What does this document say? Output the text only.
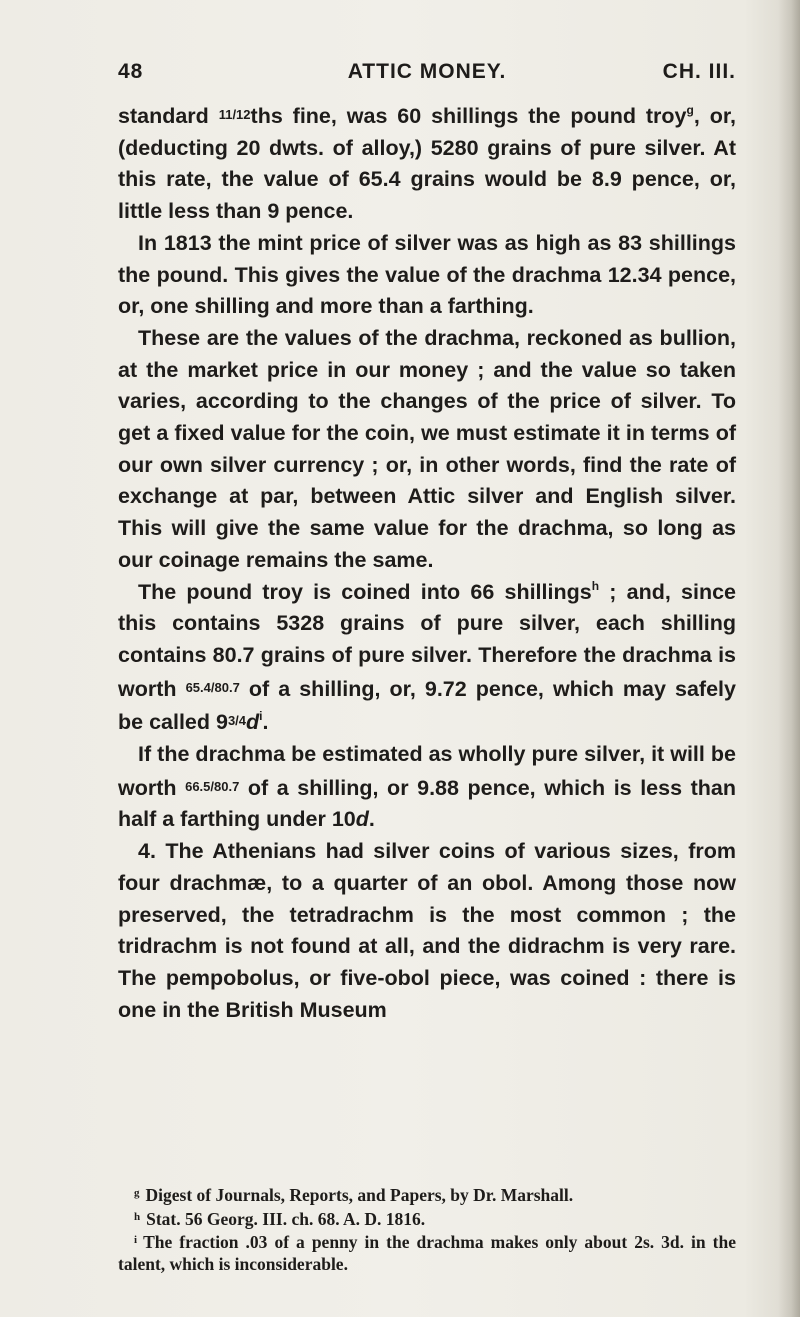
48	ATTIC MONEY.	CH. III.

standard 11/12ths fine, was 60 shillings the pound troy$^g$, or, (deducting 20 dwts. of alloy,) 5280 grains of pure silver. At this rate, the value of 65.4 grains would be 8.9 pence, or, little less than 9 pence.

In 1813 the mint price of silver was as high as 83 shillings the pound. This gives the value of the drachma 12.34 pence, or, one shilling and more than a farthing.

These are the values of the drachma, reckoned as bullion, at the market price in our money ; and the value so taken varies, according to the changes of the price of silver. To get a fixed value for the coin, we must estimate it in terms of our own silver currency ; or, in other words, find the rate of exchange at par, between Attic silver and English silver. This will give the same value for the drachma, so long as our coinage remains the same.

The pound troy is coined into 66 shillings$^h$ ; and, since this contains 5328 grains of pure silver, each shilling contains 80.7 grains of pure silver. Therefore the drachma is worth 65.4/80.7 of a shilling, or, 9.72 pence, which may safely be called $93/4d^i$.

If the drachma be estimated as wholly pure silver, it will be worth 66.5/80.7 of a shilling, or 9.88 pence, which is less than half a farthing under 10d.

4. The Athenians had silver coins of various sizes, from four drachmæ, to a quarter of an obol. Among those now preserved, the tetradrachm is the most common ; the tridrachm is not found at all, and the didrachm is very rare. The pempobolus, or five-obol piece, was coined : there is one in the British Museum

$^g$ Digest of Journals, Reports, and Papers, by Dr. Marshall.

$^h$ Stat. 56 Georg. III. ch. 68. A. D. 1816.

$^i$ The fraction .03 of a penny in the drachma makes only about 2s. 3d. in the talent, which is inconsiderable.
